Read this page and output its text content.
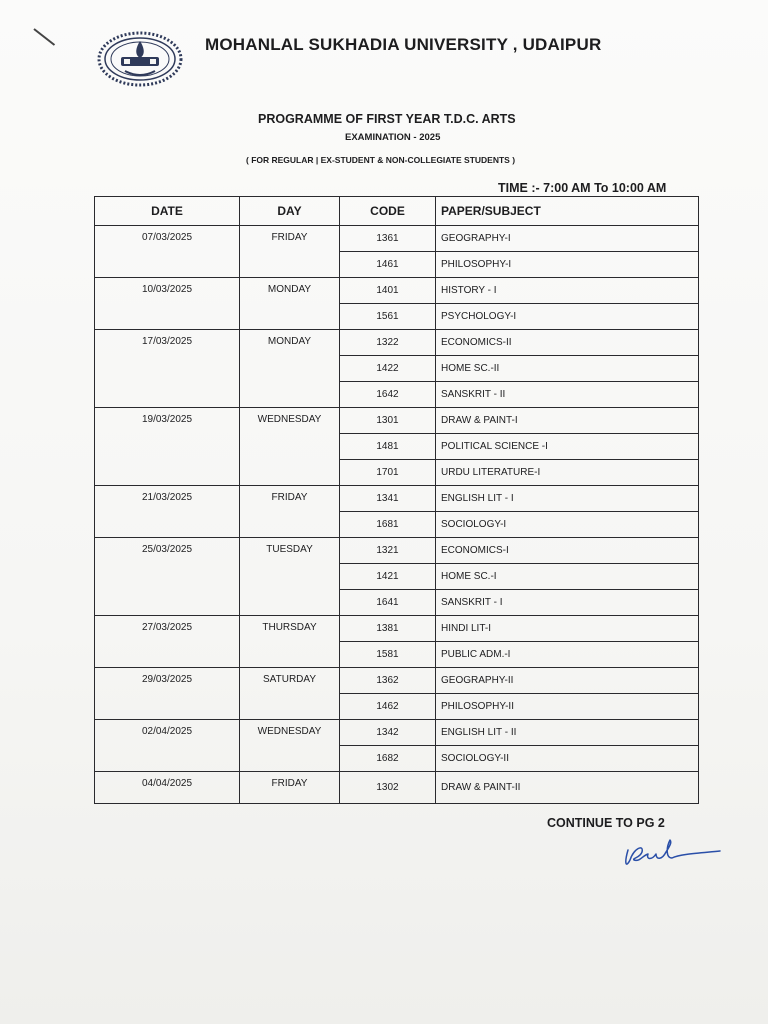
MOHANLAL SUKHADIA UNIVERSITY , UDAIPUR
PROGRAMME OF FIRST YEAR T.D.C. ARTS
EXAMINATION - 2025
( FOR REGULAR | EX-STUDENT & NON-COLLEGIATE STUDENTS )
TIME :- 7:00 AM To 10:00 AM
DATE	DAY	CODE	PAPER/SUBJECT
07/03/2025	FRIDAY	1361	GEOGRAPHY-I
		1461	PHILOSOPHY-I
10/03/2025	MONDAY	1401	HISTORY - I
		1561	PSYCHOLOGY-I
17/03/2025	MONDAY	1322	ECONOMICS-II
		1422	HOME SC.-II
		1642	SANSKRIT - II
19/03/2025	WEDNESDAY	1301	DRAW & PAINT-I
		1481	POLITICAL SCIENCE -I
		1701	URDU LITERATURE-I
21/03/2025	FRIDAY	1341	ENGLISH LIT - I
		1681	SOCIOLOGY-I
25/03/2025	TUESDAY	1321	ECONOMICS-I
		1421	HOME SC.-I
		1641	SANSKRIT - I
27/03/2025	THURSDAY	1381	HINDI LIT-I
		1581	PUBLIC ADM.-I
29/03/2025	SATURDAY	1362	GEOGRAPHY-II
		1462	PHILOSOPHY-II
02/04/2025	WEDNESDAY	1342	ENGLISH LIT - II
		1682	SOCIOLOGY-II
04/04/2025	FRIDAY	1302	DRAW & PAINT-II
CONTINUE TO PG 2
